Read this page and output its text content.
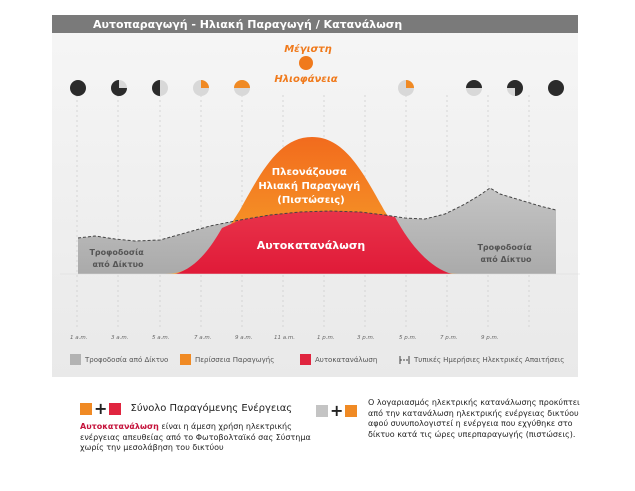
Αυτοπαραγωγή - Ηλιακή Παραγωγή / Κατανάλωση
Πλεονάζουσα Ηλιακή Παραγωγή (Πιστώσεις)
Αυτοκατανάλωση
Τροφοδοσία από Δίκτυο
Τροφοδοσία από Δίκτυο
Μέγιστη
Ηλιοφάνεια
1 a.m.	3 a.m.	5 a.m.	7 a.m.	9 a.m.	11 a.m.	1 p.m.	3 p.m.	5 p.m.	7 p.m.	9 p.m.
Τροφοδοσία από Δίκτυο	Περίσσεια Παραγωγής	Αυτοκατανάλωση	Τυπικές Ημερήσιες Ηλεκτρικές Απαιτήσεις
+ Σύνολο Παραγόμενης Ενέργειας
Αυτοκατανάλωση είναι η άμεση χρήση ηλεκτρικής ενέργειας απευθείας από το Φωτοβολταϊκό σας Σύστημα χωρίς την μεσολάβηση του δικτύου
+	Ο λογαριασμός ηλεκτρικής κατανάλωσης προκύπτει από την κατανάλωση ηλεκτρικής ενέργειας δικτύου αφού συνυπολογιστεί η ενέργεια που εχγύθηκε στο δίκτυο κατά τις ώρες υπερπαραγωγής (πιστώσεις).
